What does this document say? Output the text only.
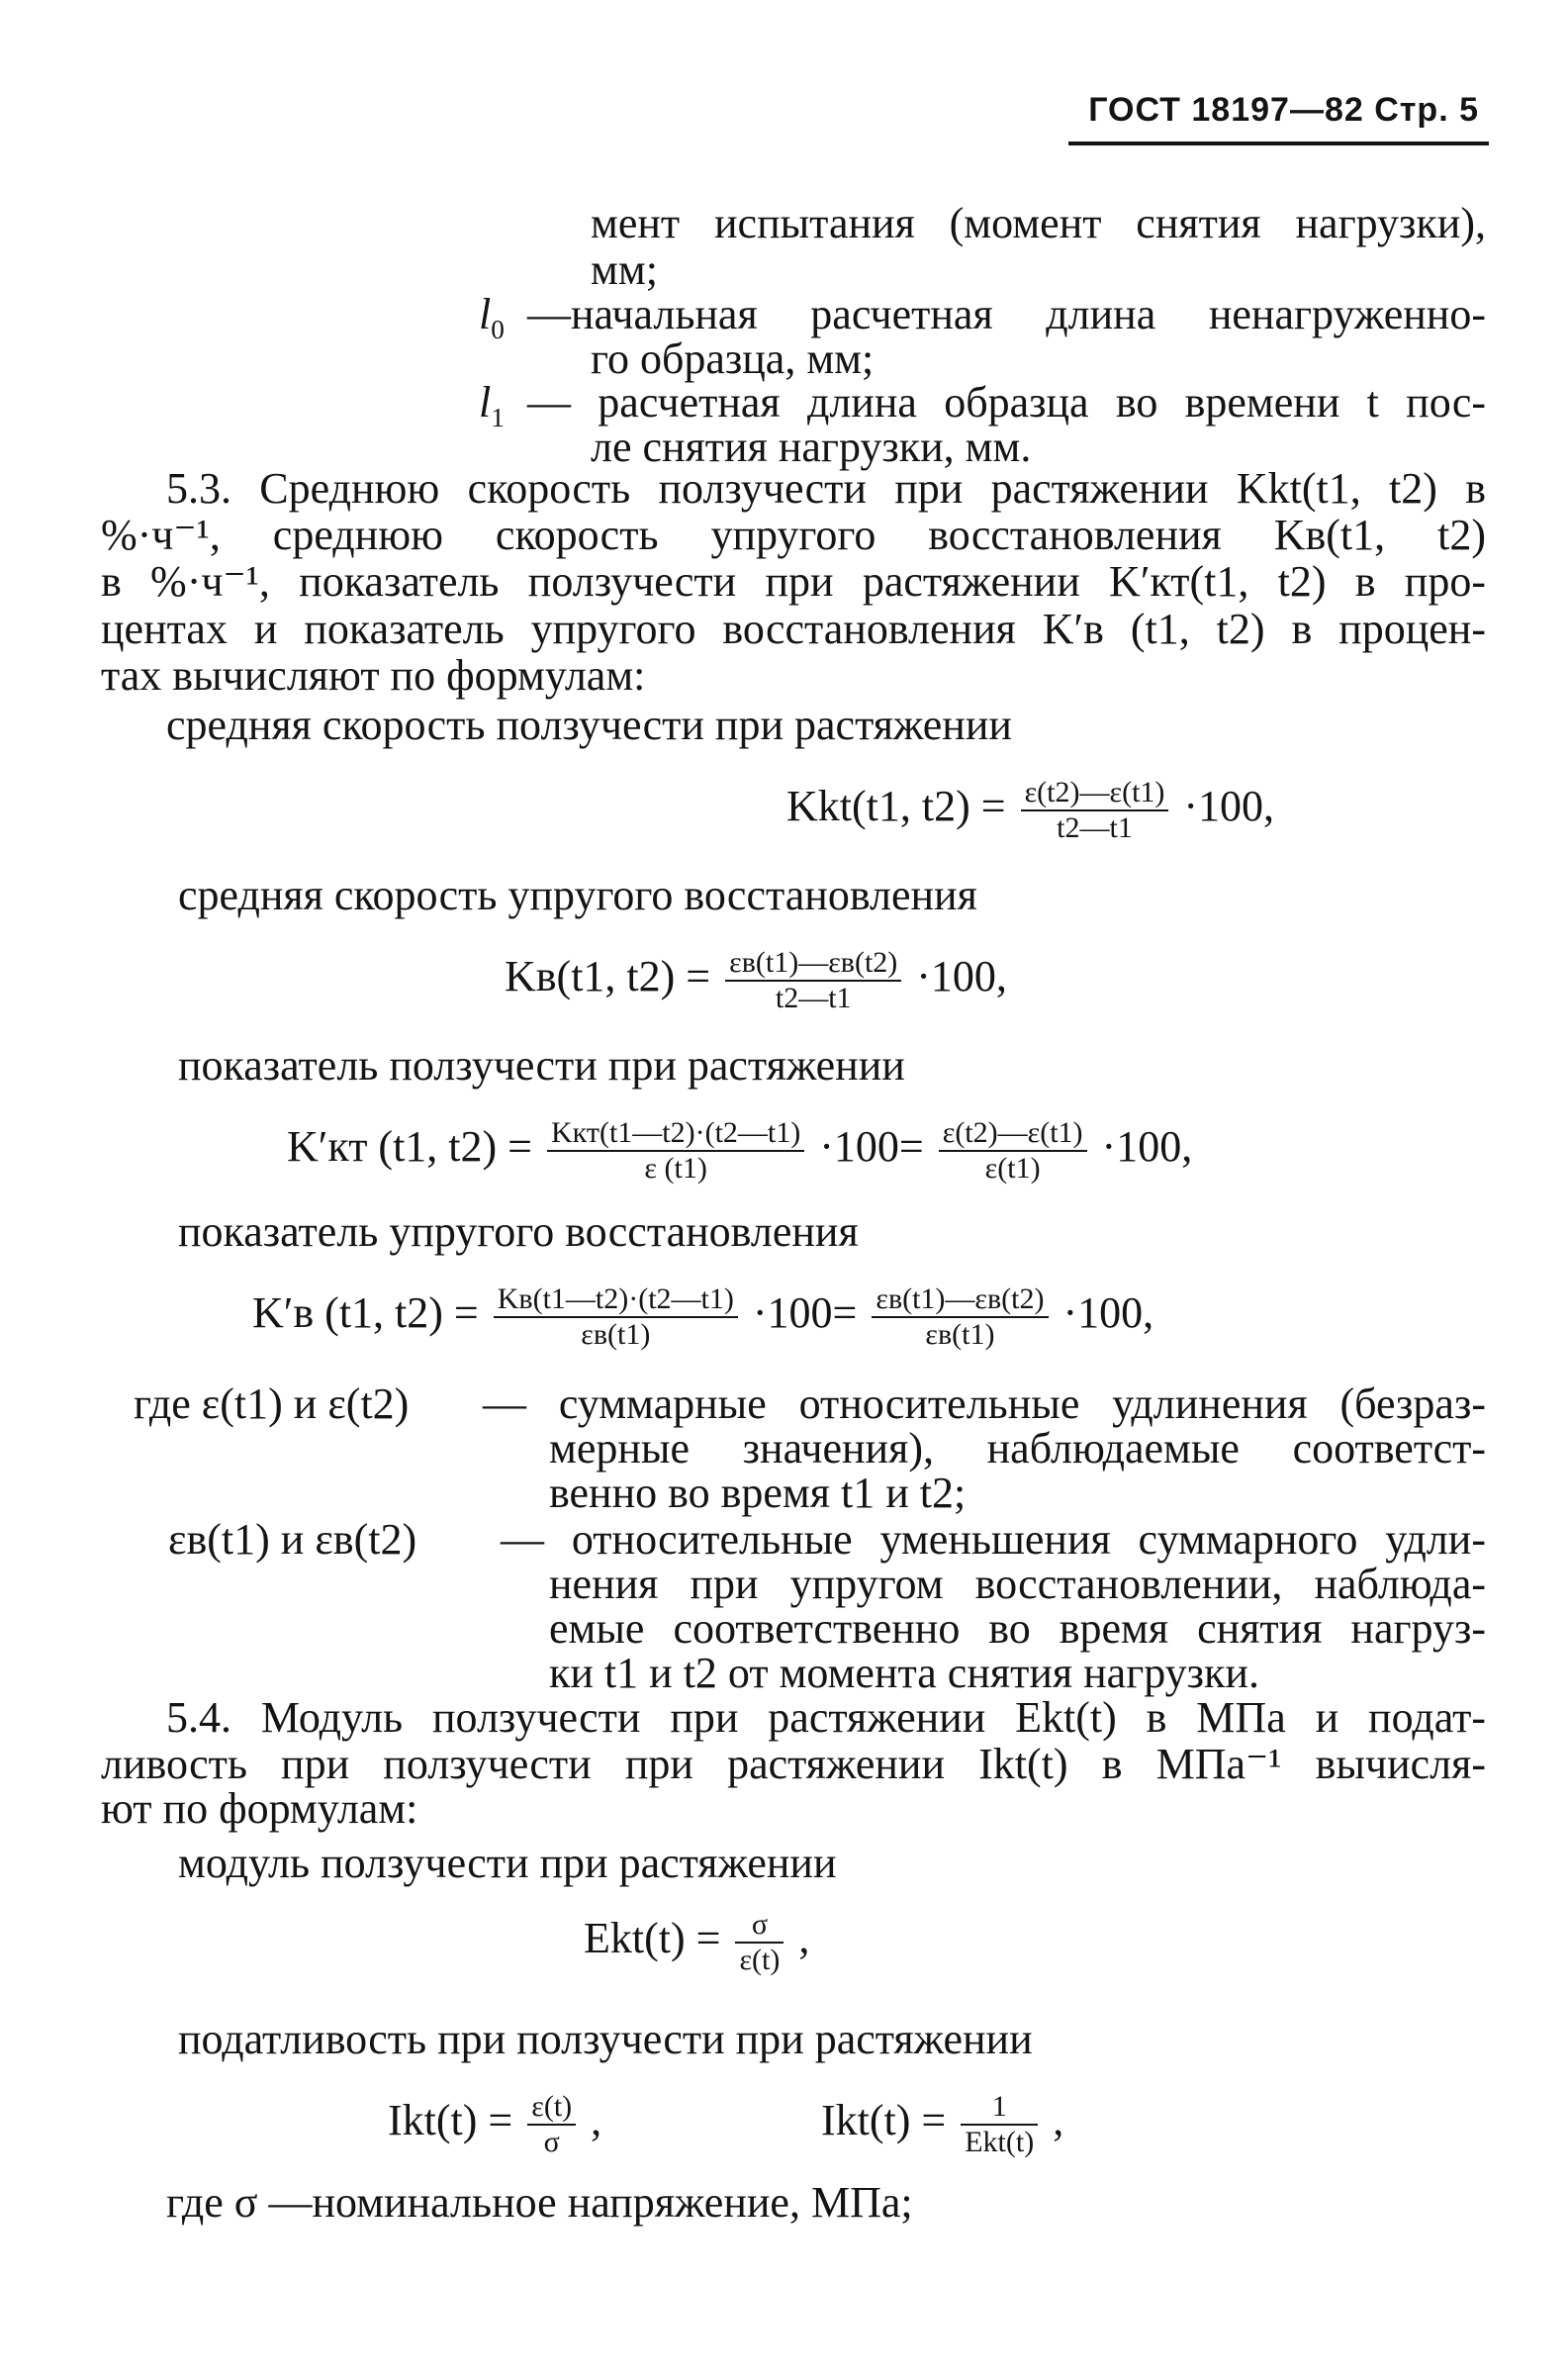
ГОСТ 18197—82 Стр. 5

мент испытания (момент снятия нагрузки),

мм;

$l_0$ —начальная расчетная длина ненагруженно-

го образца, мм;

$l_1$ — расчетная длина образца во времени t пос-

ле снятия нагрузки, мм.

5.3. Среднюю скорость ползучести при растяжении Kkt(t1, t2) в

%·ч⁻¹, среднюю скорость упругого восстановления Kв(t1, t2)

в %·ч⁻¹, показатель ползучести при растяжении K′кт(t1, t2) в про-

центах и показатель упругого восстановления K′в (t1, t2) в процен-

тах вычисляют по формулам:

средняя скорость ползучести при растяжении

Kkt(t1, $t2) = \frac{\varepsilon(t2)—\varepsilon(t1)}{t2—t1} \cdot 100$,

средняя скорость упругого восстановления

Kв(t1, $t2) = \frac{\varepsilon в(t1)—\varepsilon в(t2)}{t2—t1} \cdot 100$,

показатель ползучести при растяжении

K′кт (t1, $t2) = \frac{\text{Kкт(t1—t2)·(t2—t1)}}{\varepsilon (t1)} \cdot 100= \frac{\varepsilon(t2)—\varepsilon(t1)}{\varepsilon(t1)} \cdot 100$,

показатель упругого восстановления

K′в (t1, $t2) = \frac{Kв(t1—t2)\cdot(t2—t1)}{\varepsilon в(t1)} \cdot 100= \frac{\varepsilon в(t1)—\varepsilon в(t2)}{\varepsilon в(t1)} \cdot 100$,
где ε(t1) и ε(t2) — суммарные относительные удлинения (безраз-

мерные значения), наблюдаемые соответст-

венно во время t1 и t2;

εв(t1) и εв(t2) — относительные уменьшения суммарного удли-

нения при упругом восстановлении, наблюда-

емые соответственно во время снятия нагруз-

ки t1 и t2 от момента снятия нагрузки.

5.4. Модуль ползучести при растяжении Ekt(t) в МПа и подат-

ливость при ползучести при растяжении Ikt(t) в МПа⁻¹ вычисля-

ют по формулам:

модуль ползучести при растяжении

$Ekt(t) = \frac{\sigma}{\varepsilon(t)}$ ,

податливость при ползучести при растяжении

$Ikt(t) = \frac{\varepsilon(t)}{\sigma}$ ,	$Ikt(t) = \frac{1}{\text{Ekt(t)}}$ ,

где σ —номинальное напряжение, МПа;
